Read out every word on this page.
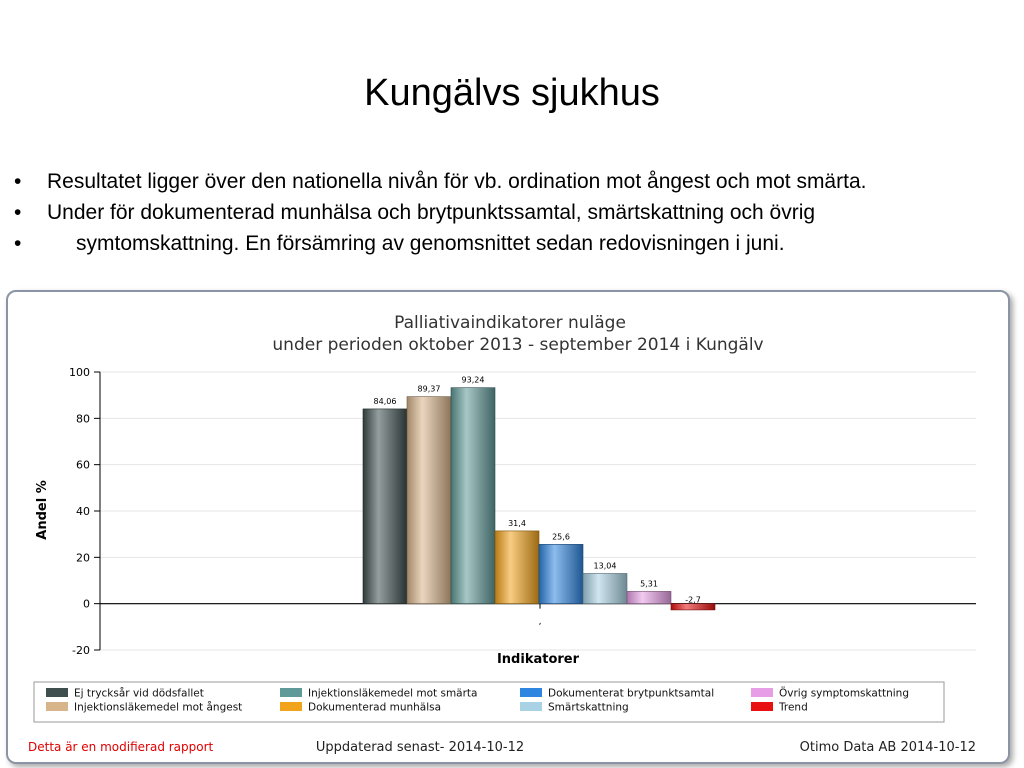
Kungälvs sjukhus
• Resultatet ligger över den nationella nivån för vb. ordination mot ångest och mot smärta.
• Under för dokumenterad munhälsa och brytpunktssamtal, smärtskattning och övrig
•	symtomskattning. En försämring av genomsnittet sedan redovisningen i juni.
Palliativaindikatorer nuläge
under perioden oktober 2013 - september 2014 i Kungälv
-20
0
20
40
60
80
100
84,06
89,37
93,24
31,4
25,6
13,04
5,31
-2,7
Andel %
Indikatorer
,
Ej trycksår vid dödsfallet	Injektionsläkemedel mot smärta	Dokumenterat brytpunktsamtal	Övrig symptomskattning
Injektionsläkemedel mot ångest	Dokumenterad munhälsa	Smärtskattning	Trend
Detta är en modifierad rapport	Uppdaterad senast- 2014-10-12	Otimo Data AB 2014-10-12
